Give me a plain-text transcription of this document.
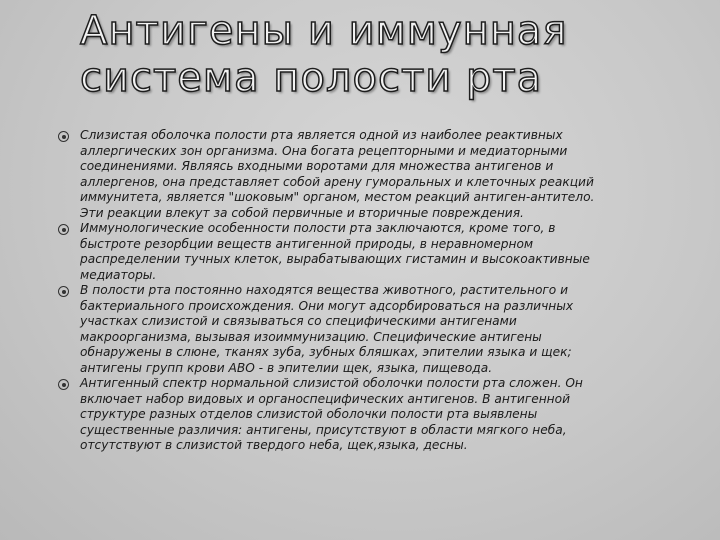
Антигены и иммунная
система полости рта
Слизистая оболочка полости рта является одной из наиболее реактивных
аллергических зон организма. Она богата рецепторными и медиаторными
соединениями. Являясь входными воротами для множества антигенов и
аллергенов, она представляет собой арену гуморальных и клеточных реакций
иммунитета, является "шоковым" органом, местом реакций антиген-антитело.
Эти реакции влекут за собой первичные и вторичные повреждения.
Иммунологические особенности полости рта заключаются, кроме того, в
быстроте резорбции веществ антигенной природы, в неравномерном
распределении тучных клеток, вырабатывающих гистамин и высокоактивные
медиаторы.
В полости рта постоянно находятся вещества животного, растительного и
бактериального происхождения. Они могут адсорбироваться на различных
участках слизистой и связываться со специфическими антигенами
макроорганизма, вызывая изоиммунизацию. Специфические антигены
обнаружены в слюне, тканях зуба, зубных бляшках, эпителии языка и щек;
антигены групп крови АВО - в эпителии щек, языка, пищевода.
Антигенный спектр нормальной слизистой оболочки полости рта сложен. Он
включает набор видовых и органоспецифических антигенов. В антигенной
структуре разных отделов слизистой оболочки полости рта выявлены
существенные различия: антигены, присутствуют в области мягкого неба,
отсутствуют в слизистой твердого неба, щек,языка, десны.
